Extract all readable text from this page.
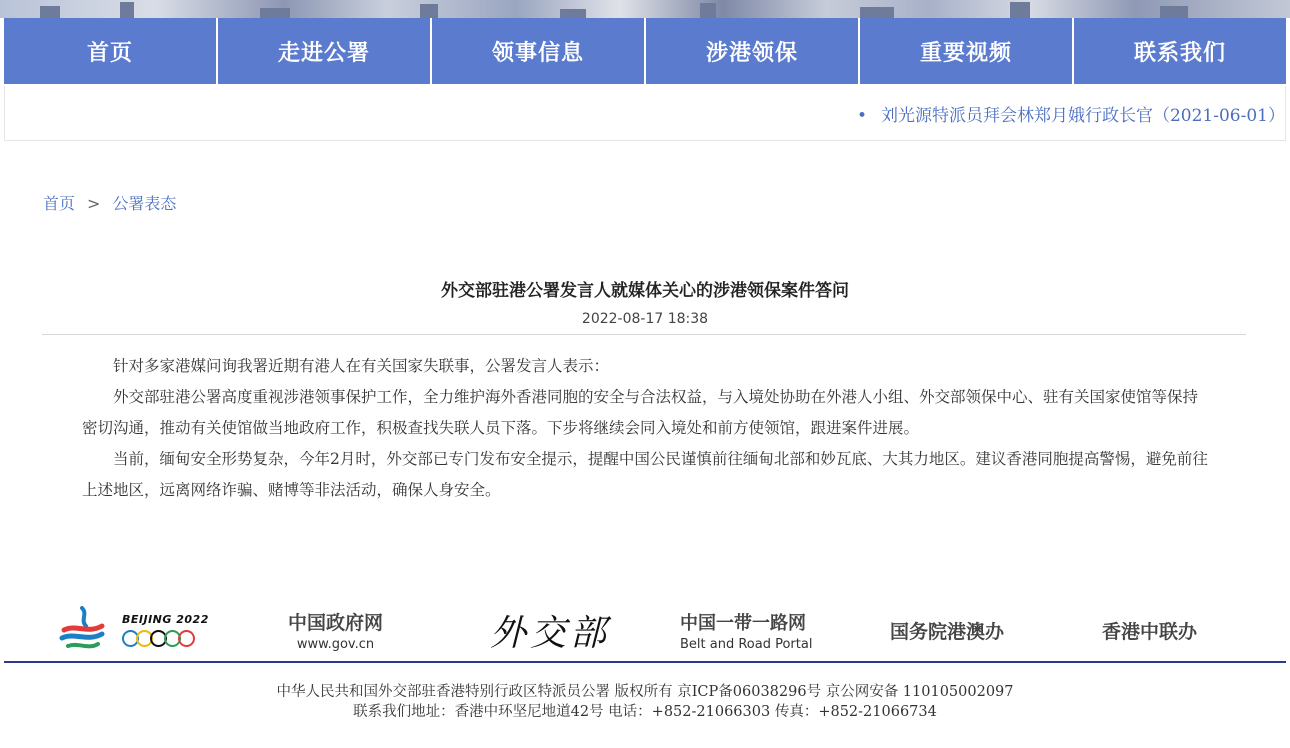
首页	走进公署	领事信息	涉港领保	重要视频	联系我们
• 刘光源特派员拜会林郑月娥行政长官（2021-06-01）
首页 > 公署表态
外交部驻港公署发言人就媒体关心的涉港领保案件答问
2022-08-17 18:38

针对多家港媒问询我署近期有港人在有关国家失联事，公署发言人表示：

外交部驻港公署高度重视涉港领事保护工作，全力维护海外香港同胞的安全与合法权益，与入境处协助在外港人小组、外交部领保中心、驻有关国家使馆等保持密切沟通，推动有关使馆做当地政府工作，积极查找失联人员下落。下步将继续会同入境处和前方使领馆，跟进案件进展。

当前，缅甸安全形势复杂，今年2月时，外交部已专门发布安全提示，提醒中国公民谨慎前往缅甸北部和妙瓦底、大其力地区。建议香港同胞提高警惕，避免前往上述地区，远离网络诈骗、赌博等非法活动，确保人身安全。

BEIJING 2022	中国政府网
www.gov.cn	外交部	中国一带一路网
Belt and Road Portal
国务院港澳办	香港中联办
中华人民共和国外交部驻香港特别行政区特派员公署 版权所有 京ICP备06038296号 京公网安备 110105002097
联系我们地址：香港中环坚尼地道42号 电话：+852-21066303 传真：+852-21066734
